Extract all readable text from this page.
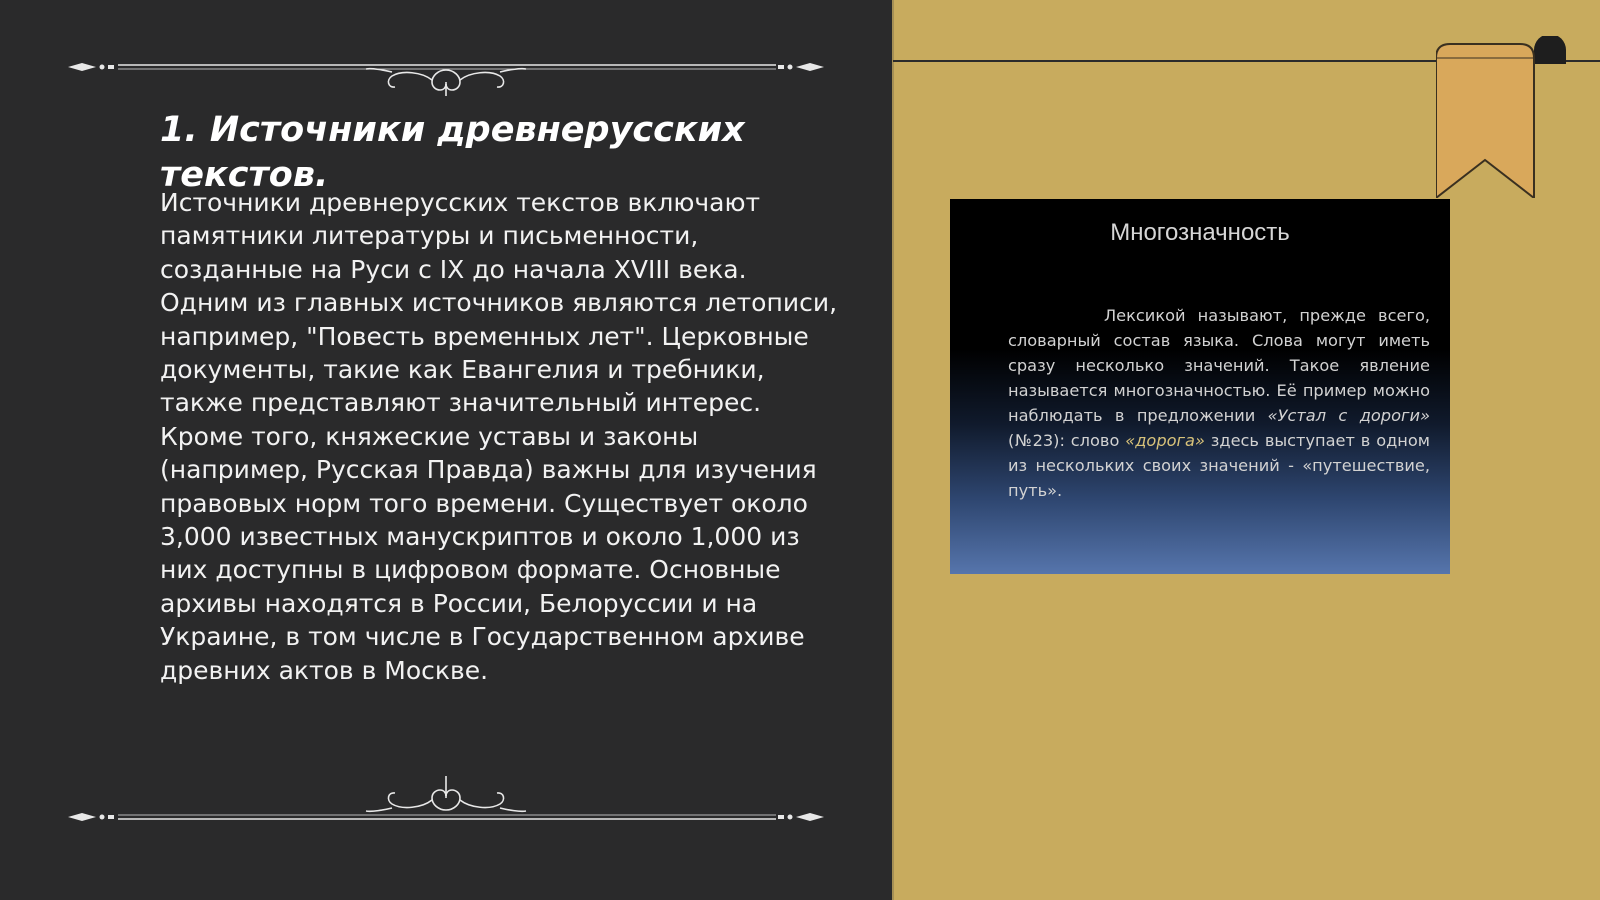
1. Источники древнерусских текстов.

Источники древнерусских текстов включают памятники литературы и письменности, созданные на Руси с IX до начала XVIII века. Одним из главных источников являются летописи, например, "Повесть временных лет". Церковные документы, такие как Евангелия и требники, также представляют значительный интерес. Кроме того, княжеские уставы и законы (например, Русская Правда) важны для изучения правовых норм того времени. Существует около 3,000 известных манускриптов и около 1,000 из них доступны в цифровом формате. Основные архивы находятся в России, Белоруссии и на Украине, в том числе в Государственном архиве древних актов в Москве.

Многозначность
Лексикой называют, прежде всего, словарный состав языка. Слова могут иметь сразу несколько значений. Такое явление называется многозначностью. Её пример можно наблюдать в предложении «Устал с дороги» (№23): слово «дорога» здесь выступает в одном из нескольких своих значений - «путешествие, путь».
